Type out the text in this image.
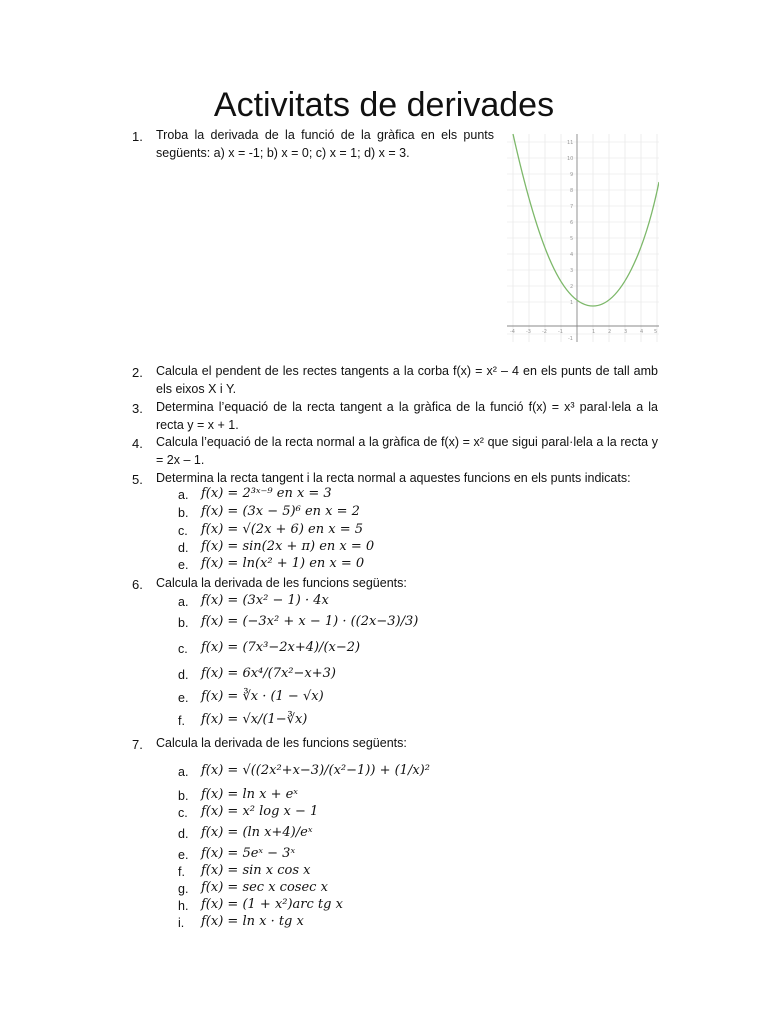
Activitats de derivades
1. Troba la derivada de la funció de la gràfica en els punts següents: a) x = -1; b) x = 0; c) x = 1; d) x = 3.
-4 -3 -2 -1	1	2	3	4 5
11
10
9
8
7
6
5
4
3
2
1
-1
2. Calcula el pendent de les rectes tangents a la corba f(x) = x² – 4 en els punts de tall amb els eixos X i Y.
3. Determina l’equació de la recta tangent a la gràfica de la funció f(x) = x³ paral·lela a la recta y = x + 1.
4. Calcula l’equació de la recta normal a la gràfica de f(x) = x² que sigui paral·lela a la recta y = 2x – 1.
5. Determina la recta tangent i la recta normal a aquestes funcions en els punts indicats:
a. f(x) = 2³ˣ⁻⁹ en x = 3
b. f(x) = (3x − 5)⁶ en x = 2
c. f(x) = √(2x + 6) en x = 5
d. f(x) = sin(2x + π) en x = 0
e. f(x) = ln(x² + 1) en x = 0
6. Calcula la derivada de les funcions següents:
a. f(x) = (3x² − 1) · 4x
b. f(x) = (−3x² + x − 1) · ((2x−3)/3)
c. f(x) = (7x³−2x+4)/(x−2)
d. f(x) = 6x⁴/(7x²−x+3)
e. f(x) = ∛x · (1 − √x)
f. f(x) = √x/(1−∛x)
7. Calcula la derivada de les funcions següents:
a. f(x) = √((2x²+x−3)/(x²−1)) + (1/x)²
b. f(x) = ln x + eˣ
c. f(x) = x² log x − 1
d. f(x) = (ln x+4)/eˣ
e. f(x) = 5eˣ − 3ˣ
f. f(x) = sin x cos x
g. f(x) = sec x cosec x
h. f(x) = (1 + x²)arc tg x
i. f(x) = ln x · tg x
